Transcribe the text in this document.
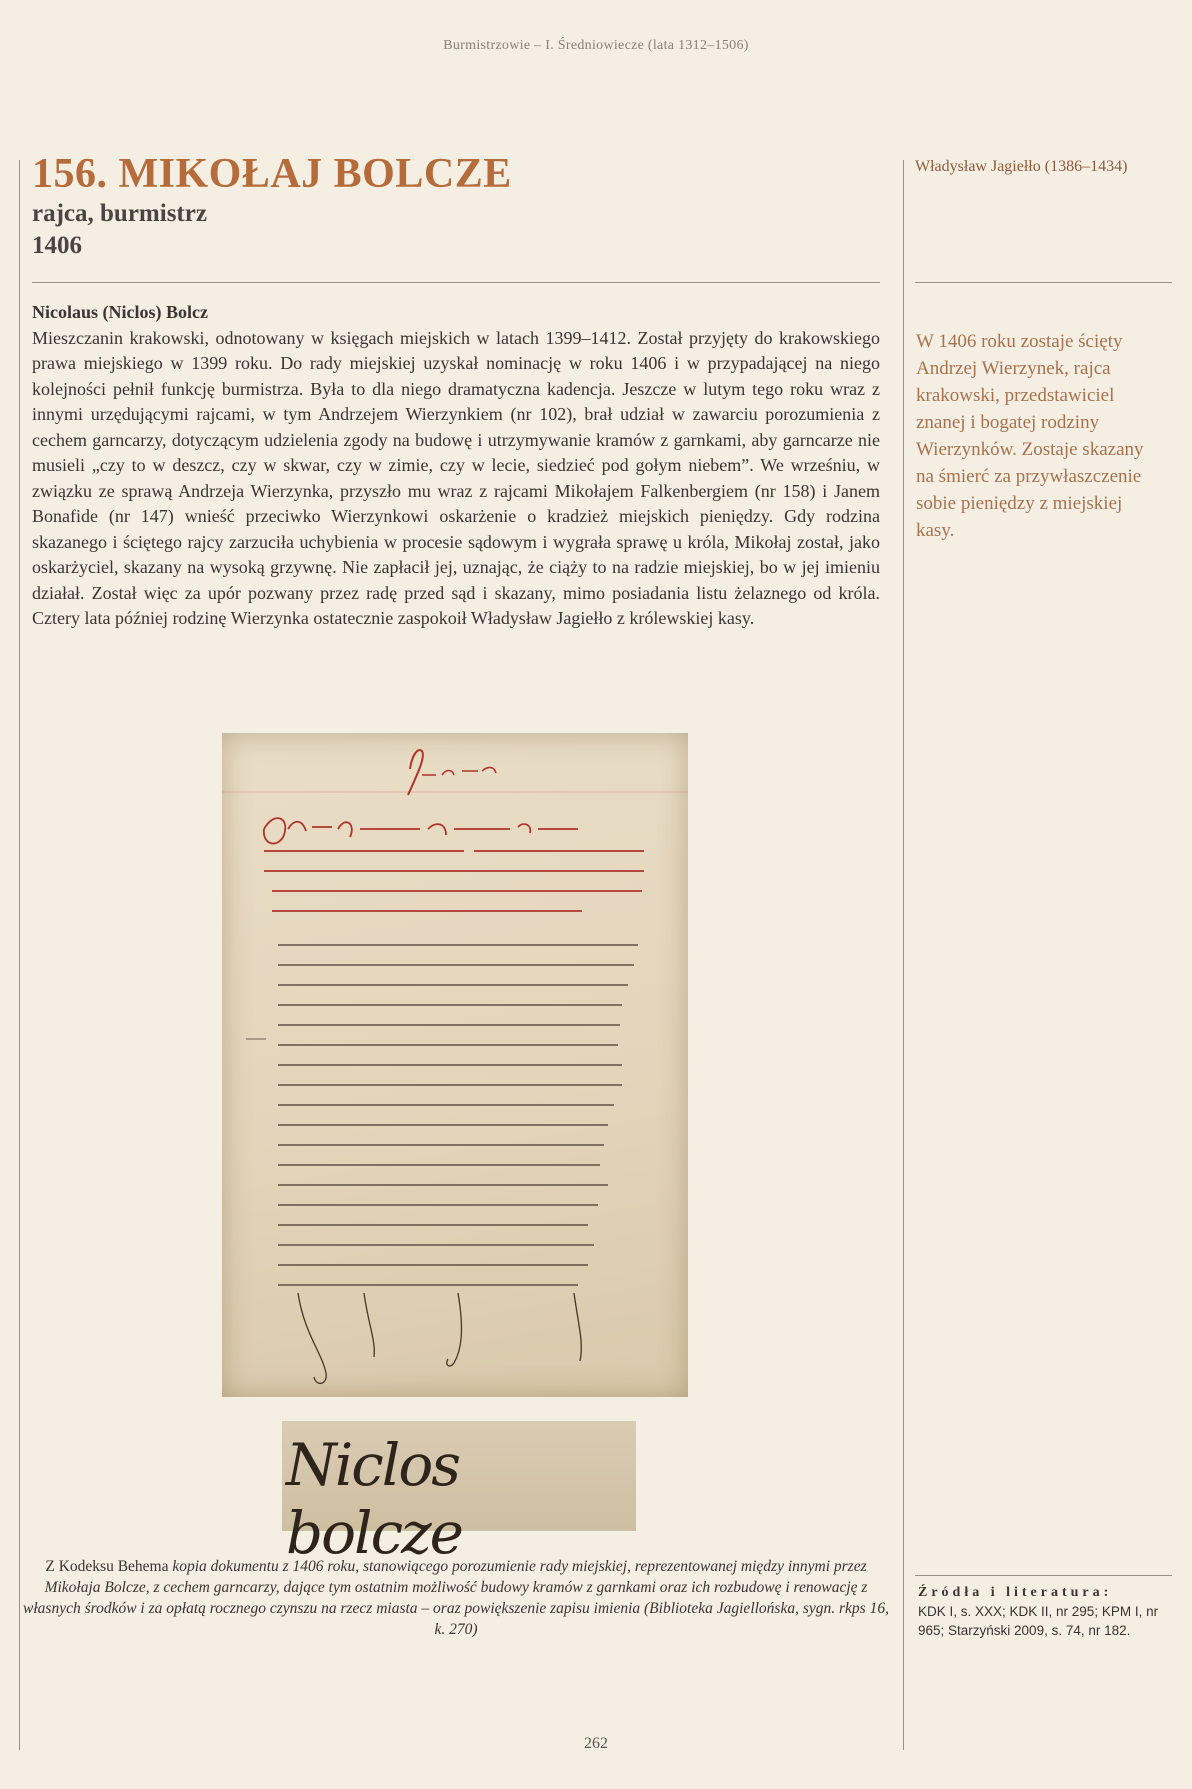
Burmistrzowie – I. Średniowiecze (lata 1312–1506)
156. MIKOŁAJ BOLCZE
rajca, burmistrz
1406
Władysław Jagiełło (1386–1434)
Nicolaus (Niclos) Bolcz
Mieszczanin krakowski, odnotowany w księgach miejskich w latach 1399–1412. Został przyjęty do krakowskiego prawa miejskiego w 1399 roku. Do rady miejskiej uzyskał nominację w roku 1406 i w przypadającej na niego kolejności pełnił funkcję burmistrza. Była to dla niego dramatyczna kadencja. Jeszcze w lutym tego roku wraz z innymi urzędującymi rajcami, w tym Andrzejem Wierzynkiem (nr 102), brał udział w zawarciu porozumienia z cechem garncarzy, dotyczącym udzielenia zgody na budowę i utrzymywanie kramów z garnkami, aby garncarze nie musieli „czy to w deszcz, czy w skwar, czy w zimie, czy w lecie, siedzieć pod gołym niebem”. We wrześniu, w związku ze sprawą Andrzeja Wierzynka, przyszło mu wraz z rajcami Mikołajem Falkenbergiem (nr 158) i Janem Bonafide (nr 147) wnieść przeciwko Wierzynkowi oskarżenie o kradzież miejskich pieniędzy. Gdy rodzina skazanego i ściętego rajcy zarzuciła uchybienia w procesie sądowym i wygrała sprawę u króla, Mikołaj został, jako oskarżyciel, skazany na wysoką grzywnę. Nie zapłacił jej, uznając, że ciąży to na radzie miejskiej, bo w jej imieniu działał. Został więc za upór pozwany przez radę przed sąd i skazany, mimo posiadania listu żelaznego od króla. Cztery lata później rodzinę Wierzynka ostatecznie zaspokoił Władysław Jagiełło z królewskiej kasy.
W 1406 roku zostaje ścięty Andrzej Wierzynek, rajca krakowski, przedstawiciel znanej i bogatej rodziny Wierzynków. Zostaje skazany na śmierć za przywłaszczenie sobie pieniędzy z miejskiej kasy.
Niclos bolcze
Z Kodeksu Behema kopia dokumentu z 1406 roku, stanowiącego porozumienie rady miejskiej, reprezentowanej między innymi przez Mikołaja Bolcze, z cechem garncarzy, dające tym ostatnim możliwość budowy kramów z garnkami oraz ich rozbudowę i renowację z własnych środków i za opłatą rocznego czynszu na rzecz miasta – oraz powiększenie zapisu imienia (Biblioteka Jagiellońska, sygn. rkps 16, k. 270)
Źródła i literatura:
KDK I, s. XXX; KDK II, nr 295; KPM I, nr 965; Starzyński 2009, s. 74, nr 182.
262
